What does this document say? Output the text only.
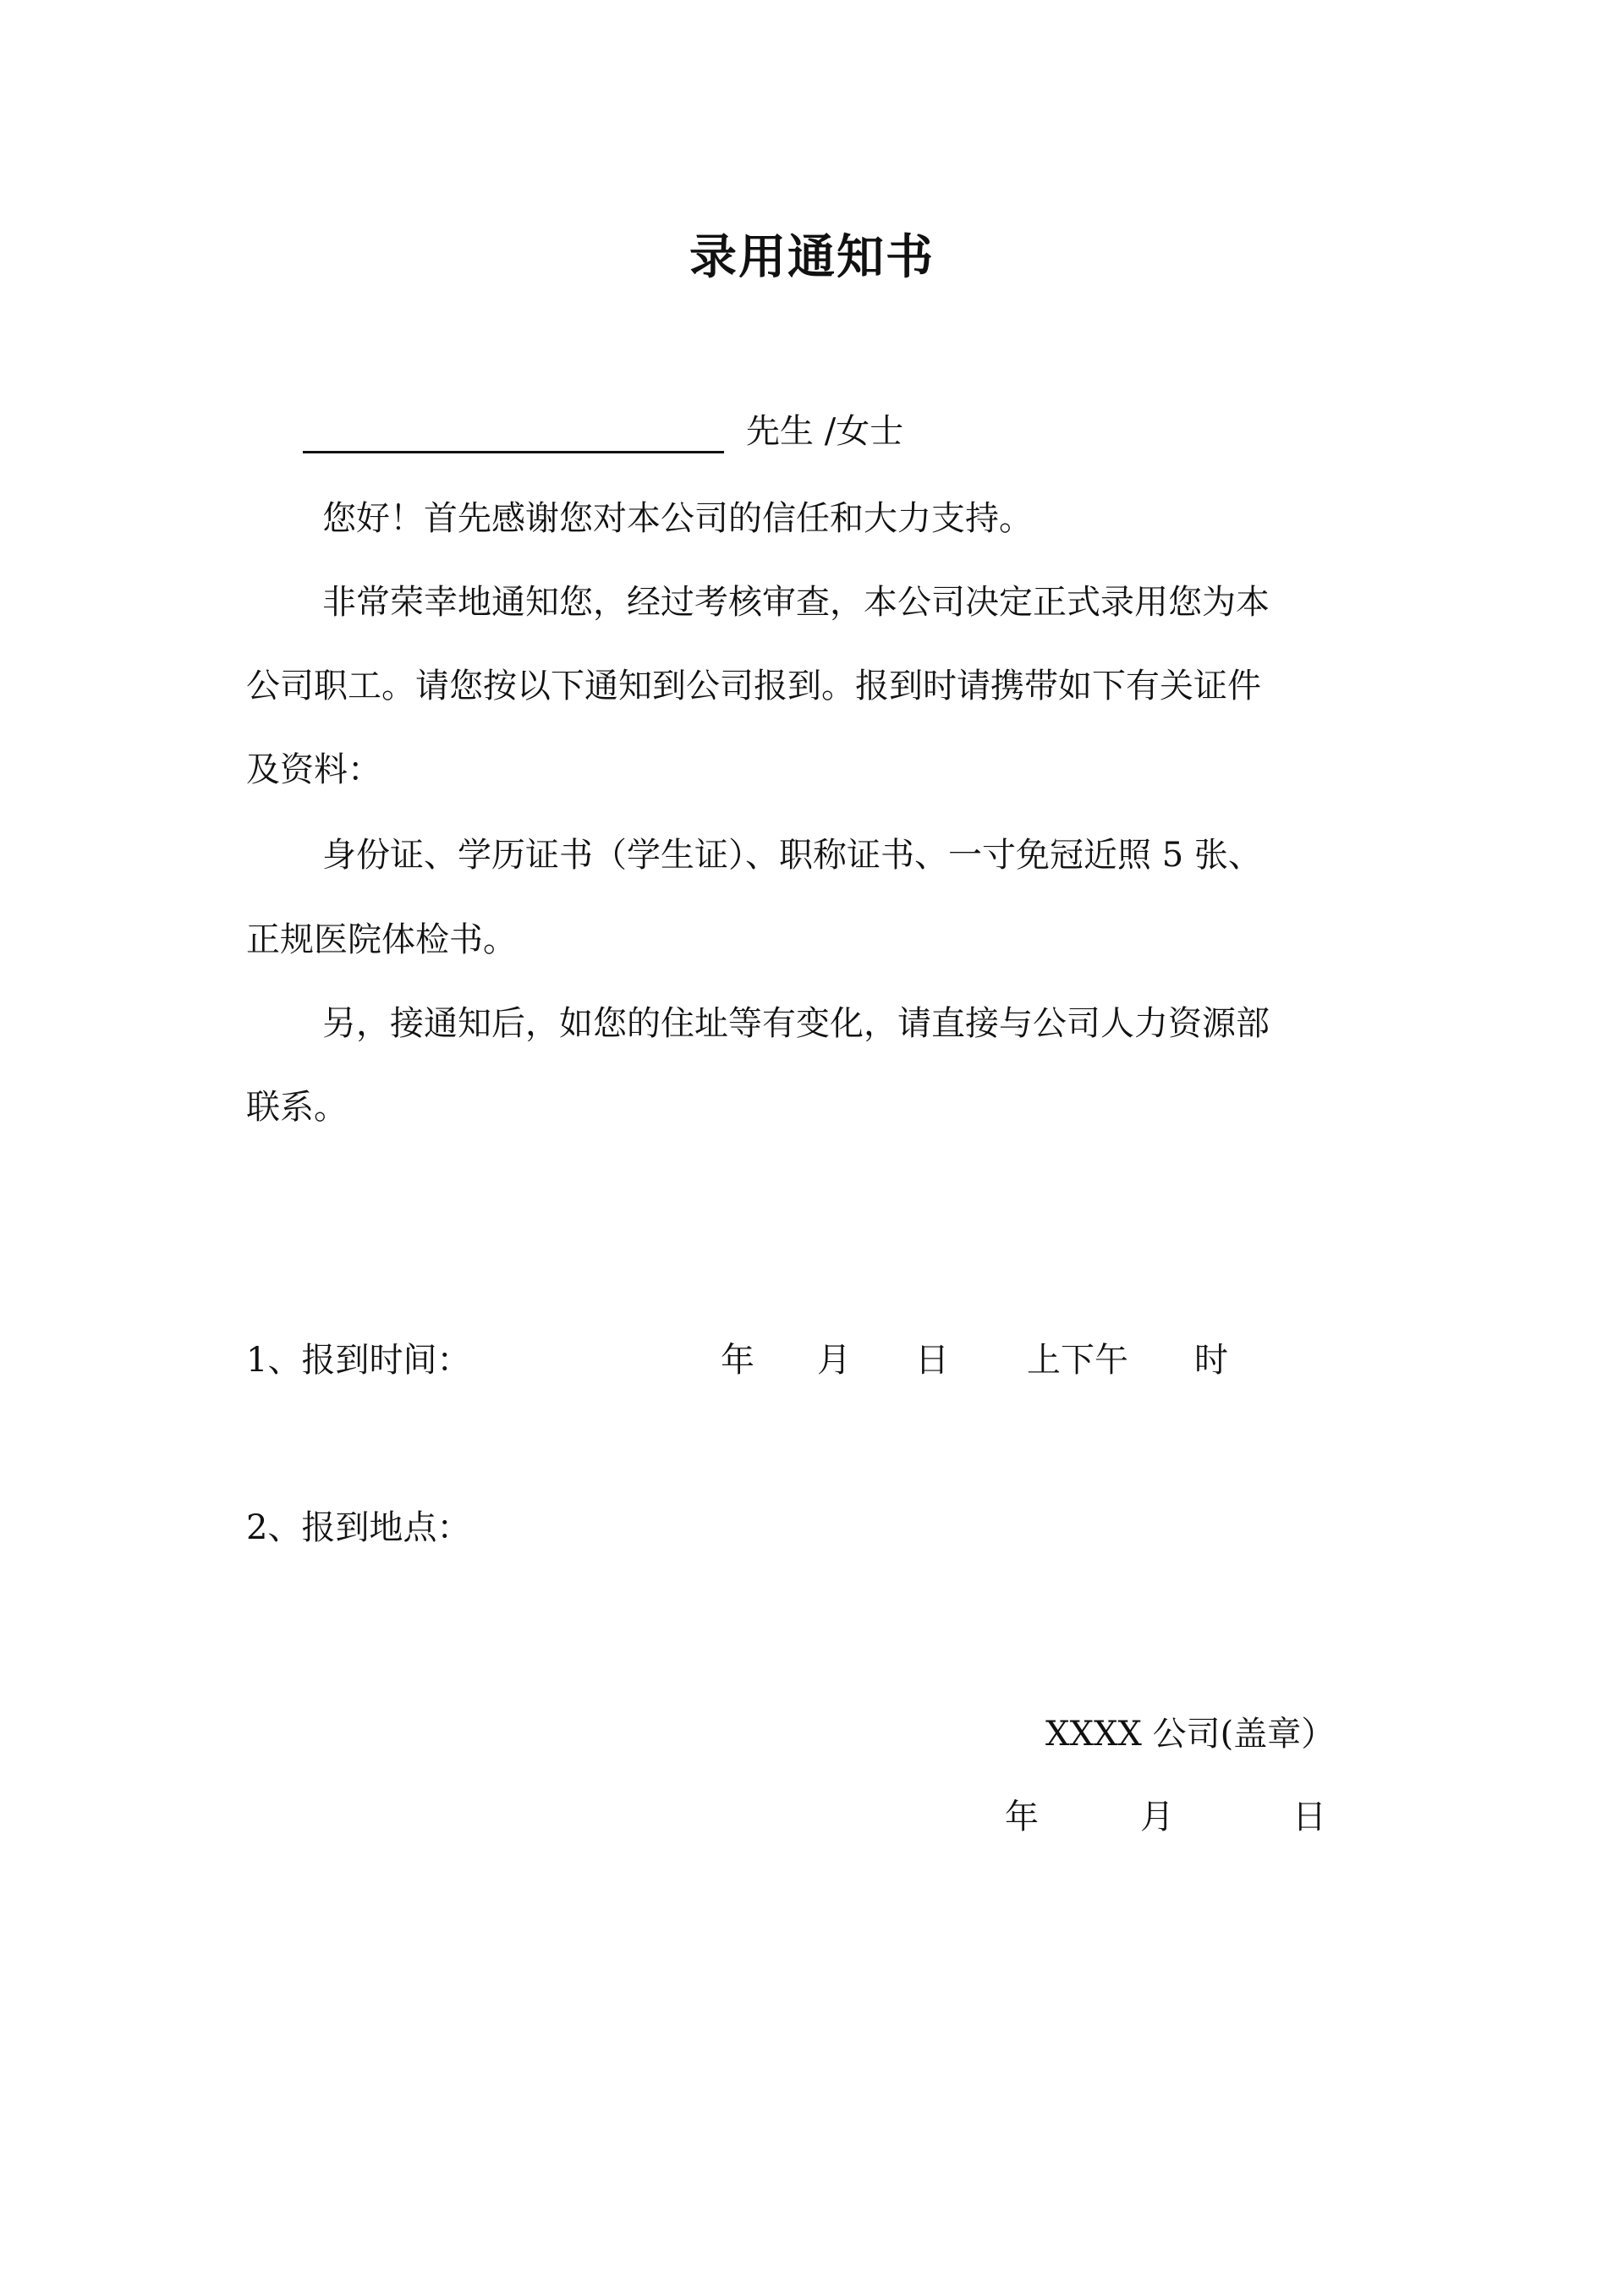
录用通知书
先生 /女士
您好！首先感谢您对本公司的信任和大力支持。
非常荣幸地通知您，经过考核审查，本公司决定正式录用您为本
公司职工。请您按以下通知到公司报到。报到时请携带如下有关证件
及资料：
身份证、学历证书（学生证）、职称证书、一寸免冠近照 5 张、
正规医院体检书。
另，接通知后，如您的住址等有变化，请直接与公司人力资源部
联系。
1、报到时间：	年 月 日 上下午 时
2、报到地点：
XXXX 公司(盖章）
年	月	日
